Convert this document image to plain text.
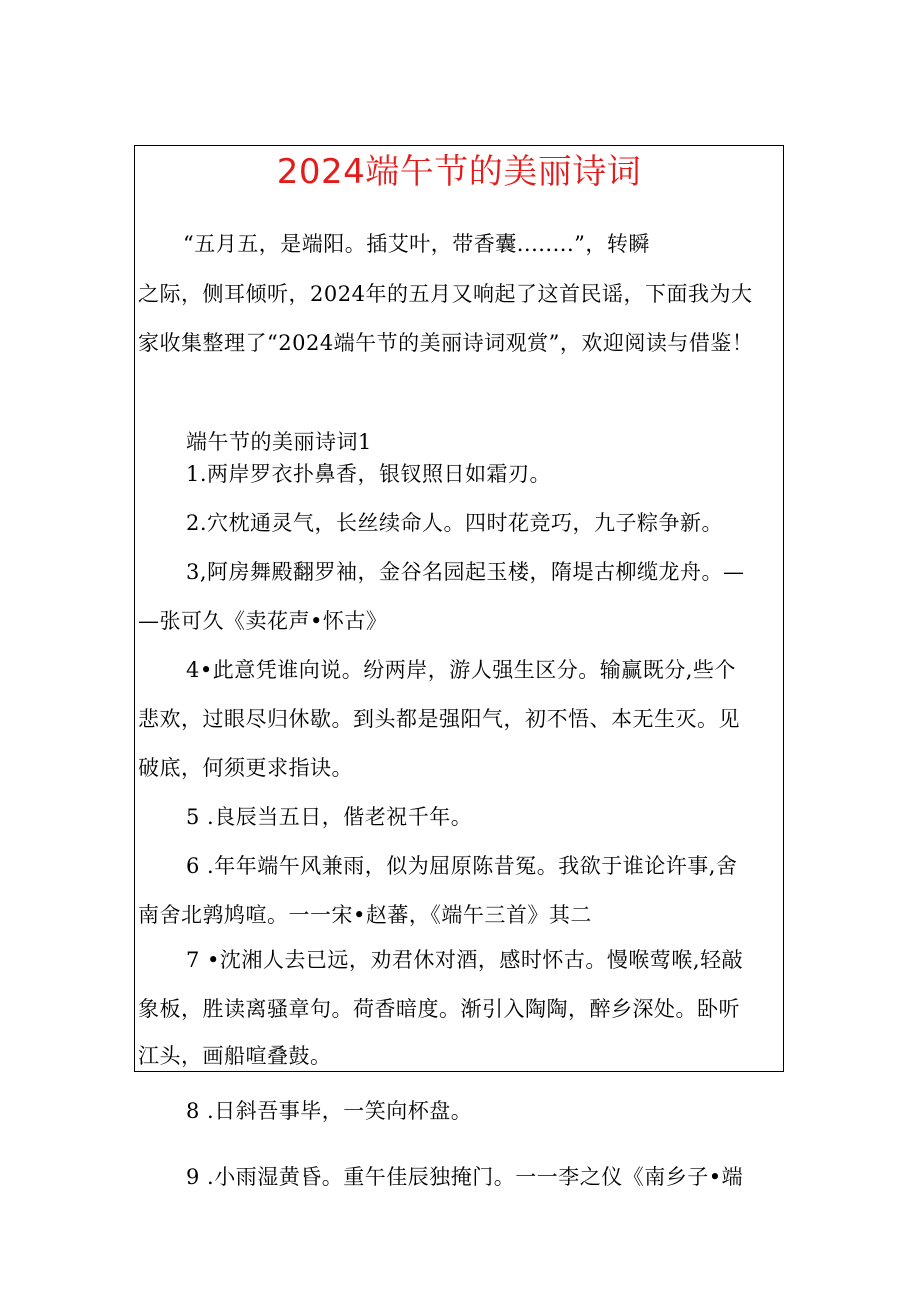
2024端午节的美丽诗词
“五月五，是端阳。插艾叶，带香囊........”，转瞬
之际，侧耳倾听，2024年的五月又响起了这首民谣，下面我为大
家收集整理了“2024端午节的美丽诗词观赏”，欢迎阅读与借鉴！
端午节的美丽诗词1
1.两岸罗衣扑鼻香，银钗照日如霜刃。
2.穴枕通灵气，长丝续命人。四时花竞巧，九子粽争新。
3,阿房舞殿翻罗袖，金谷名园起玉楼，隋堤古柳缆龙舟。—
—张可久《卖花声•怀古》
4•此意凭谁向说。纷两岸，游人强生区分。输赢既分,些个
悲欢，过眼尽归休歇。到头都是强阳气，初不悟、本无生灭。见
破底，何须更求指诀。
5 .良辰当五日，偕老祝千年。
6 .年年端午风兼雨，似为屈原陈昔冤。我欲于谁论许事,舍
南舍北鹑鸠喧。一一宋•赵蕃，《端午三首》其二
7 •沈湘人去已远，劝君休对酒，感时怀古。慢喉莺喉,轻敲
象板，胜读离骚章句。荷香暗度。渐引入陶陶，醉乡深处。卧听
江头，画船喧叠鼓。
8 .日斜吾事毕，一笑向杯盘。
9 .小雨湿黄昏。重午佳辰独掩门。一一李之仪《南乡子•端
